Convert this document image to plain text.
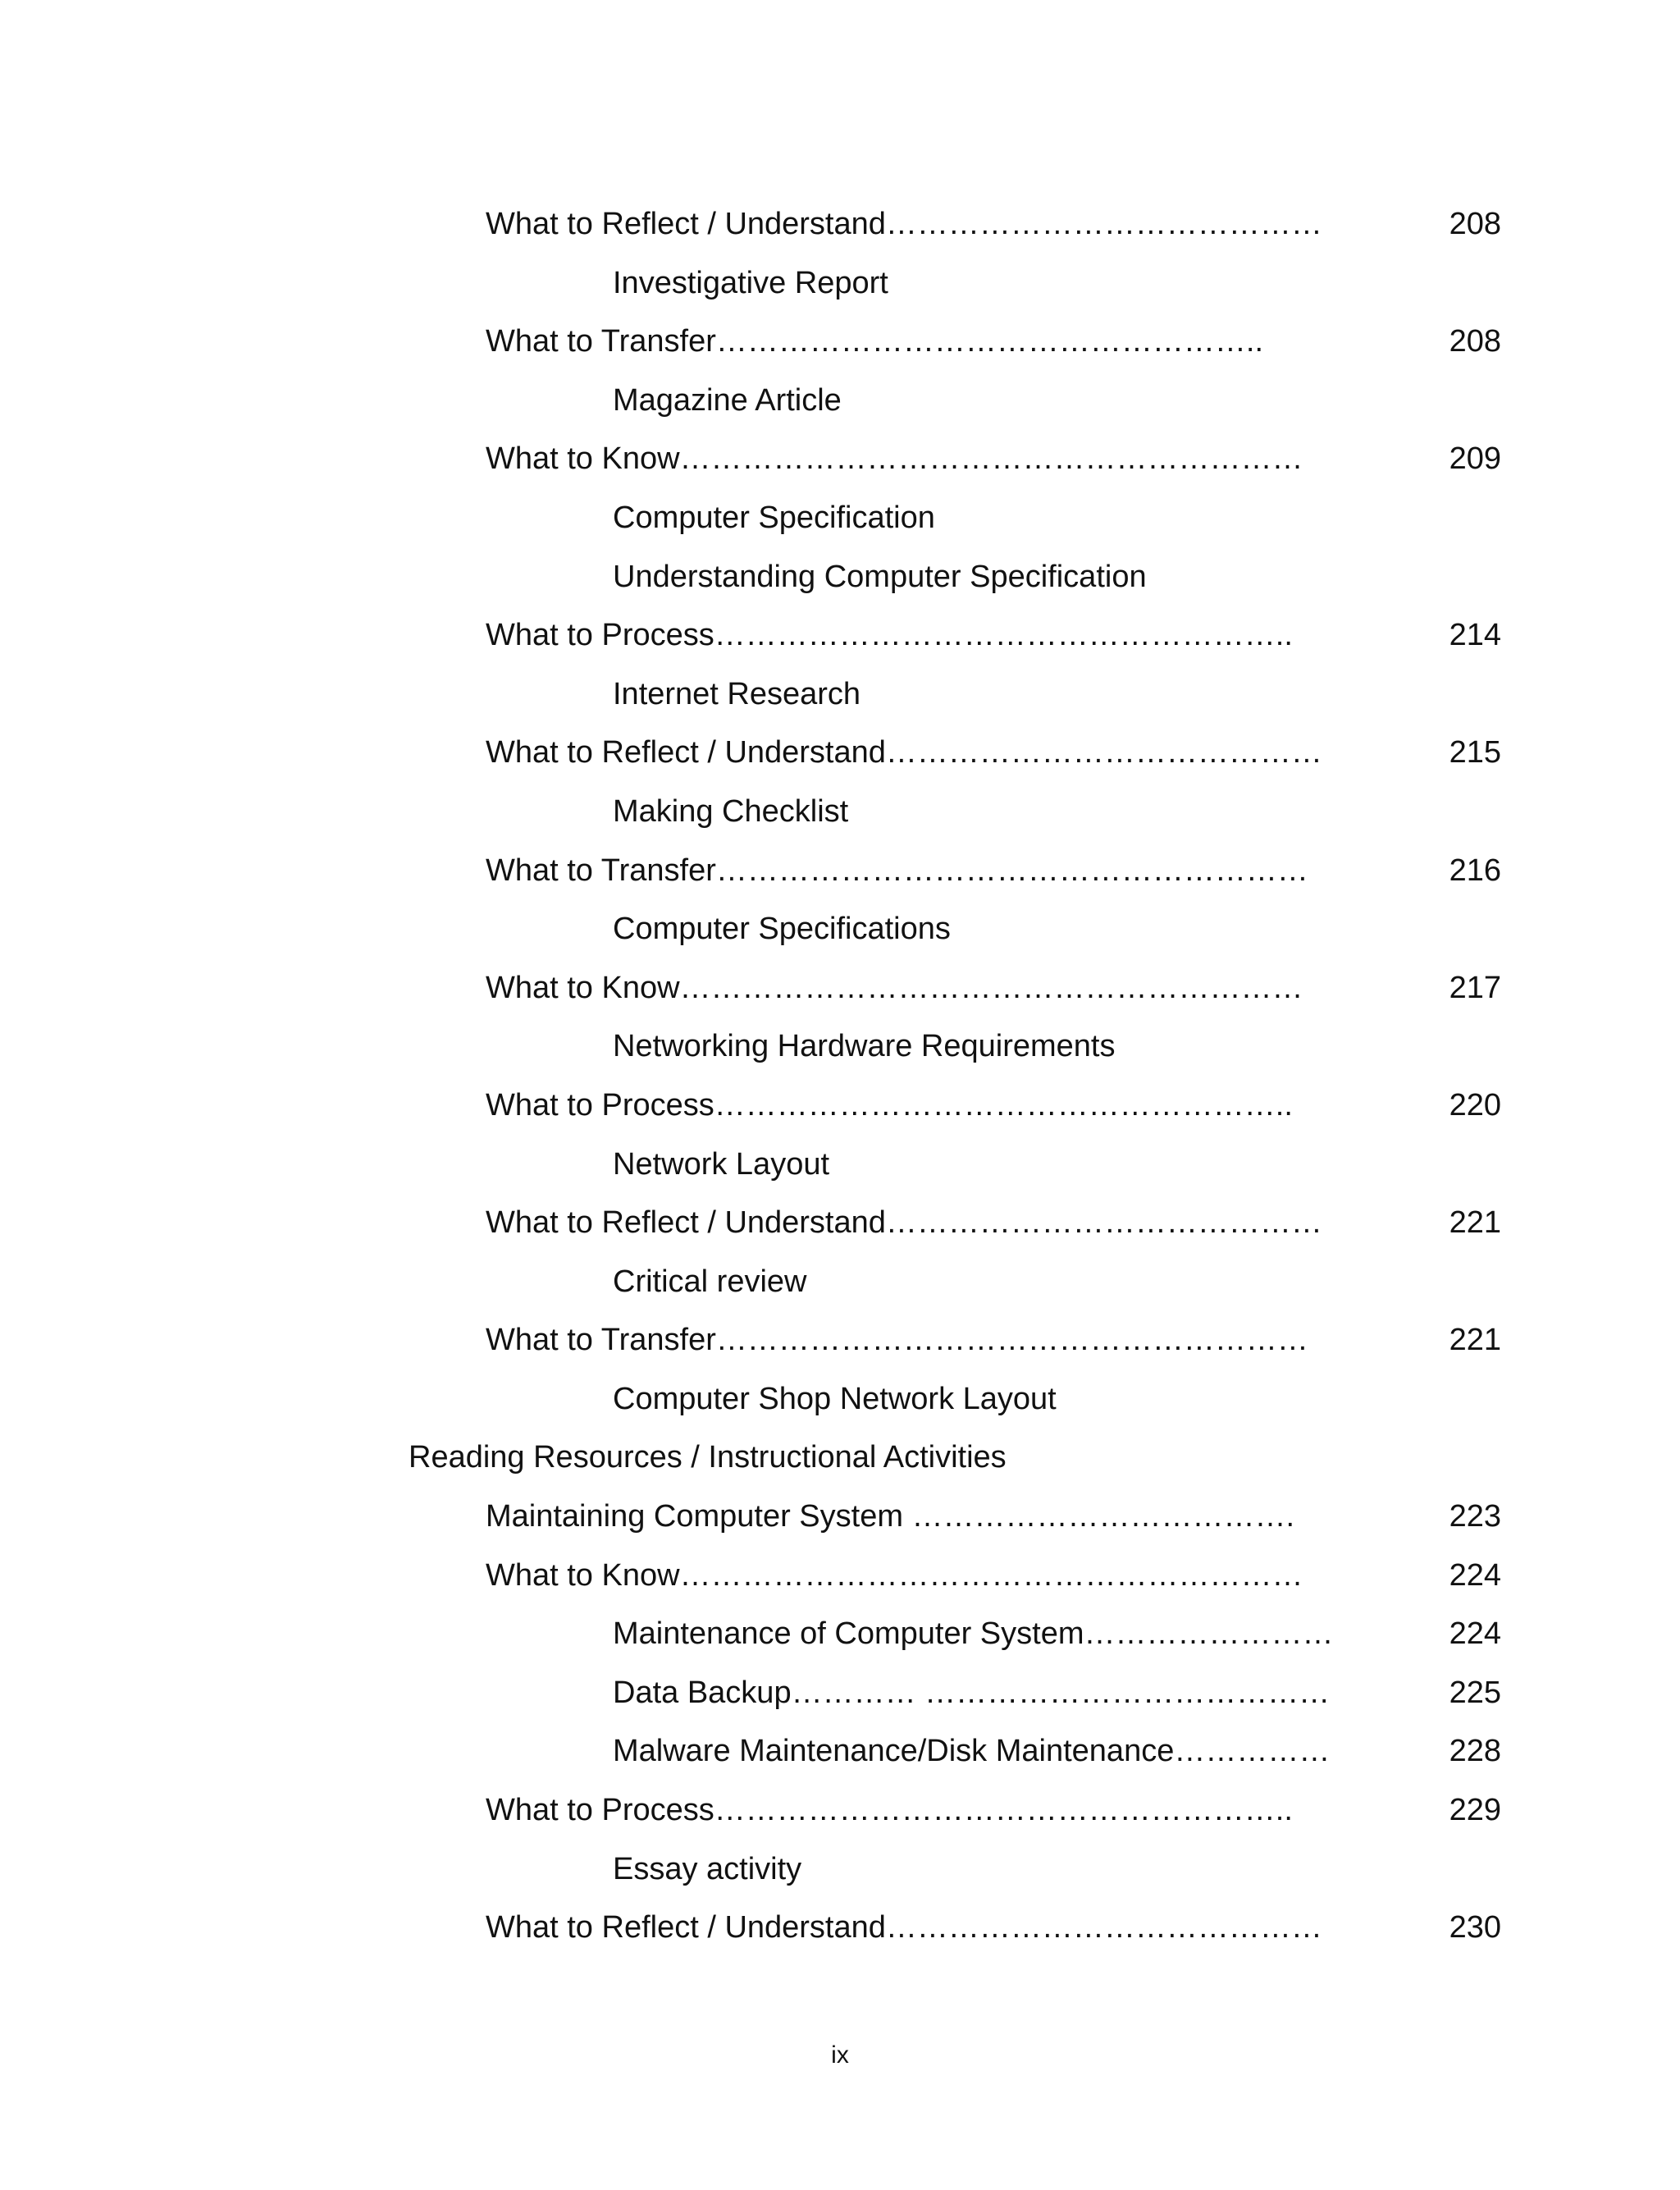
What to Reflect / Understand……………………………………	208
Investigative Report
What to Transfer……………………………………………..	208
Magazine Article
What to Know……………………………………………………	209
Computer Specification
Understanding Computer Specification
What to Process………………………………………………..	214
Internet Research
What to Reflect / Understand……………………………………	215
Making Checklist
What to Transfer…………………………………………………	216
Computer Specifications
What to Know……………………………………………………	217
Networking Hardware Requirements
What to Process………………………………………………..	220
Network Layout
What to Reflect / Understand……………………………………	221
Critical review
What to Transfer…………………………………………………	221
Computer Shop Network Layout
Reading Resources / Instructional Activities
Maintaining Computer System ……………………………….	223
What to Know……………………………………………………	224
Maintenance of Computer System……………………	224
Data Backup………… …………………………………	225
Malware Maintenance/Disk Maintenance……………	228
What to Process………………………………………………..	229
Essay activity
What to Reflect / Understand……………………………………	230
ix
